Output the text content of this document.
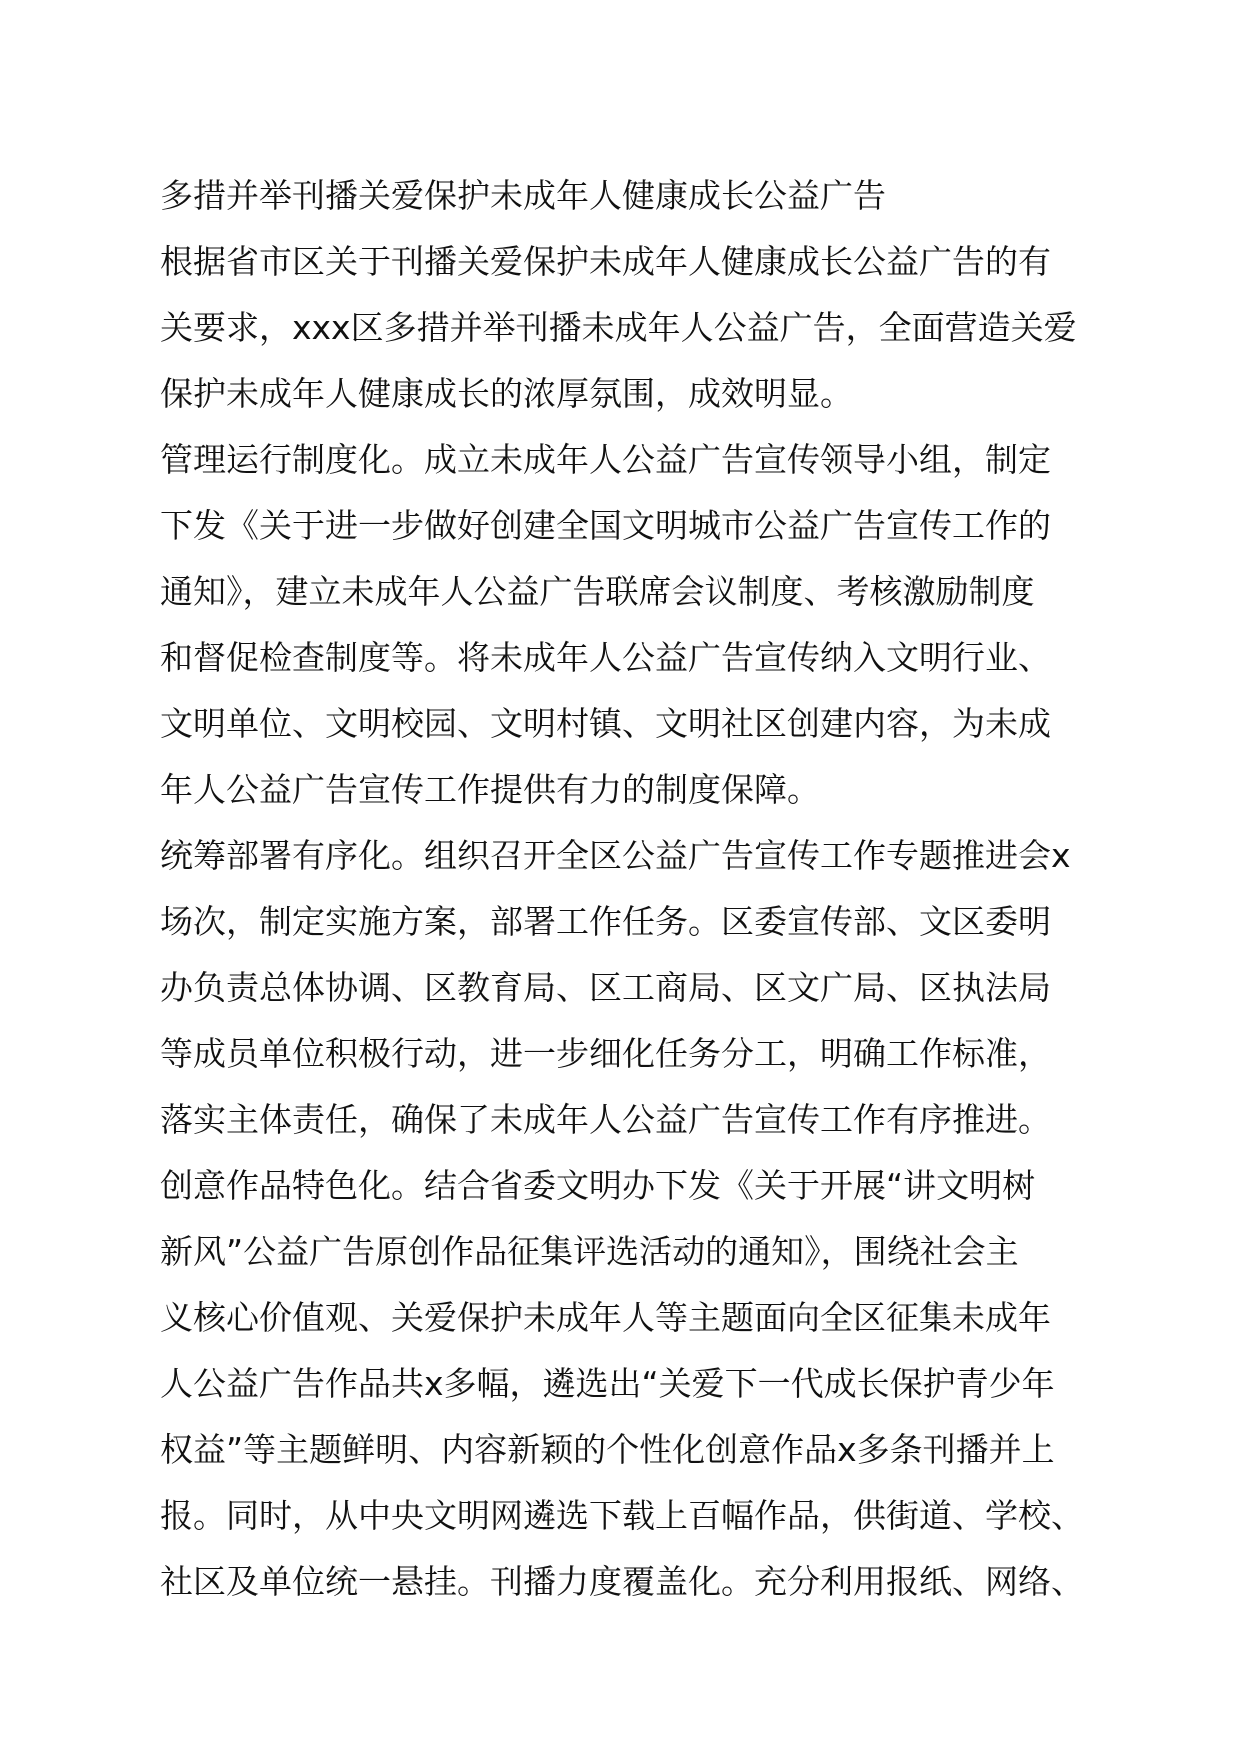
多措并举刊播关爱保护未成年人健康成长公益广告

根据省市区关于刊播关爱保护未成年人健康成长公益广告的有
关要求，xxx区多措并举刊播未成年人公益广告，全面营造关爱
保护未成年人健康成长的浓厚氛围，成效明显。

管理运行制度化。成立未成年人公益广告宣传领导小组，制定
下发《关于进一步做好创建全国文明城市公益广告宣传工作的
通知》，建立未成年人公益广告联席会议制度、考核激励制度
和督促检查制度等。将未成年人公益广告宣传纳入文明行业、
文明单位、文明校园、文明村镇、文明社区创建内容，为未成
年人公益广告宣传工作提供有力的制度保障。

统筹部署有序化。组织召开全区公益广告宣传工作专题推进会x
场次，制定实施方案，部署工作任务。区委宣传部、文区委明
办负责总体协调、区教育局、区工商局、区文广局、区执法局
等成员单位积极行动，进一步细化任务分工，明确工作标准，
落实主体责任，确保了未成年人公益广告宣传工作有序推进。

创意作品特色化。结合省委文明办下发《关于开展“讲文明树
新风”公益广告原创作品征集评选活动的通知》，围绕社会主
义核心价值观、关爱保护未成年人等主题面向全区征集未成年
人公益广告作品共x多幅，遴选出“关爱下一代成长保护青少年
权益”等主题鲜明、内容新颖的个性化创意作品x多条刊播并上
报。同时，从中央文明网遴选下载上百幅作品，供街道、学校、
社区及单位统一悬挂。刊播力度覆盖化。充分利用报纸、网络、
